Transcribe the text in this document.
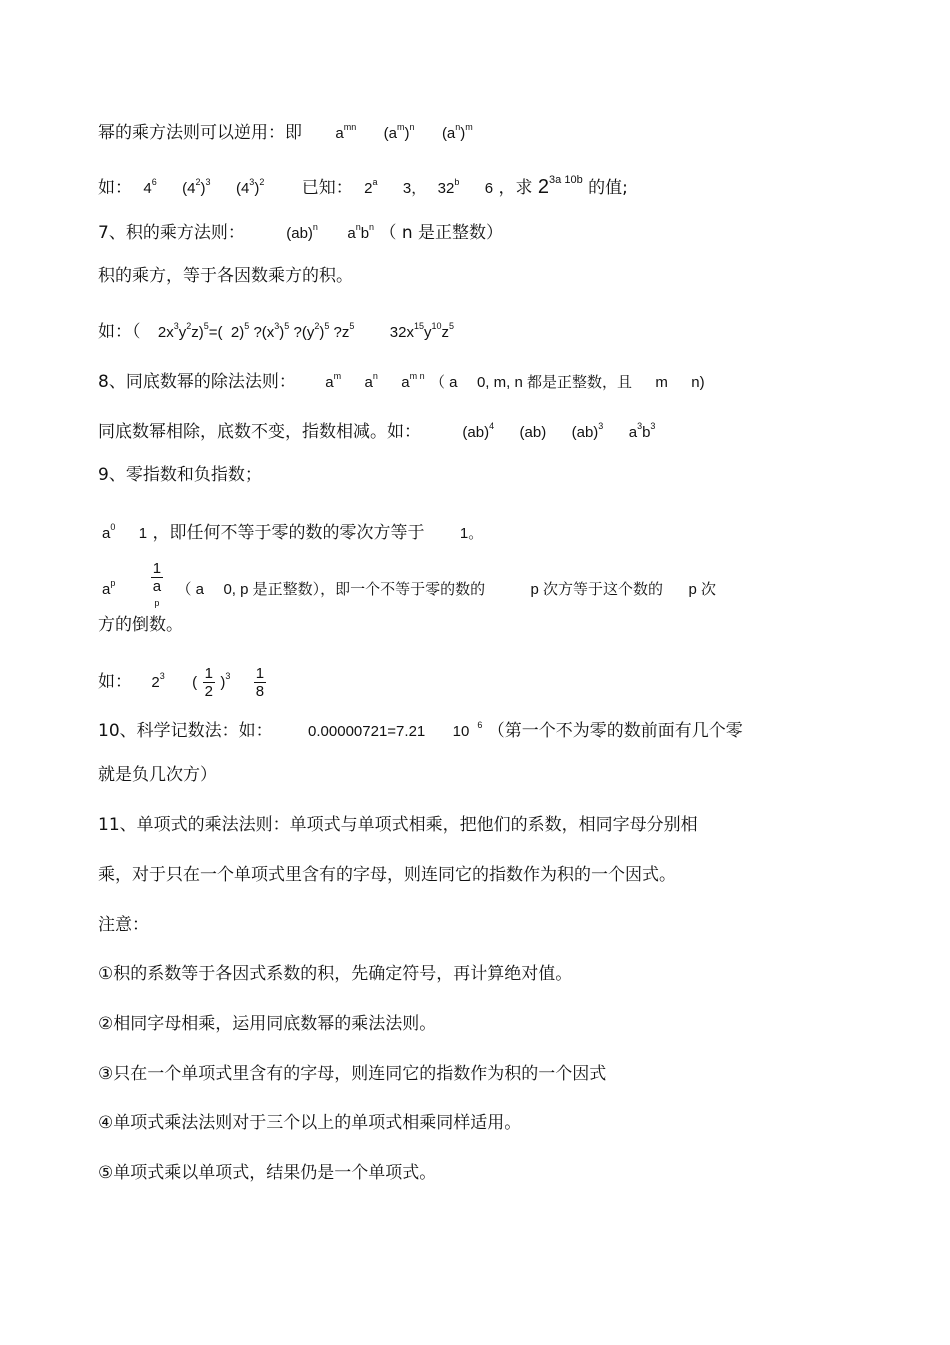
幂的乘方法则可以逆用：即 $a^{mn}$ $(a^m)^n$ $(a^n)^m$
如： $4^6$ $(4^2)^3$ $(4^3)^2$ 已知： 2$^a$ 3， 32$^b$ 6 ，求 $2^{3a 10b}$ 的值;
7、积的乘方法则：	(ab)$^n$ $a^nb^n$ （ n 是正整数）
积的乘方，等于各因数乘方的积。
如：（ $2x^3y^2z)^5=$( 2)$^5$ $?(x^3)^5$ $?(y^2)^5$ $?z^5$ $32x^{15}y^{10}z^5$
8、同底数幂的除法法则： $a^m$ $a^n$ $a^{m n}$ （ a 0, m, n 都是正整数，且 m n)
同底数幂相除，底数不变，指数相减。如：	(ab)$^4$ (ab) (ab)$^3$ $a^3b^3$
9、零指数和负指数；
$a^0$ 1 ，即任何不等于零的数的零次方等于 1。
$a^p$ 1
a
$^p$ （ a 0, p 是正整数），即一个不等于零的数的	p 次方等于这个数的 p 次
方的倒数。
如： $2^3$ ( $\frac{1}{2} )^3 \frac{1}{8}$
10、科学记数法：如： 0.00000721=7.21 10 $^6$ （第一个不为零的数前面有几个零
就是负几次方）
11、单项式的乘法法则：单项式与单项式相乘，把他们的系数，相同字母分别相
乘，对于只在一个单项式里含有的字母，则连同它的指数作为积的一个因式。
注意：
①积的系数等于各因式系数的积，先确定符号，再计算绝对值。
②相同字母相乘，运用同底数幂的乘法法则。
③只在一个单项式里含有的字母，则连同它的指数作为积的一个因式
④单项式乘法法则对于三个以上的单项式相乘同样适用。
⑤单项式乘以单项式，结果仍是一个单项式。
